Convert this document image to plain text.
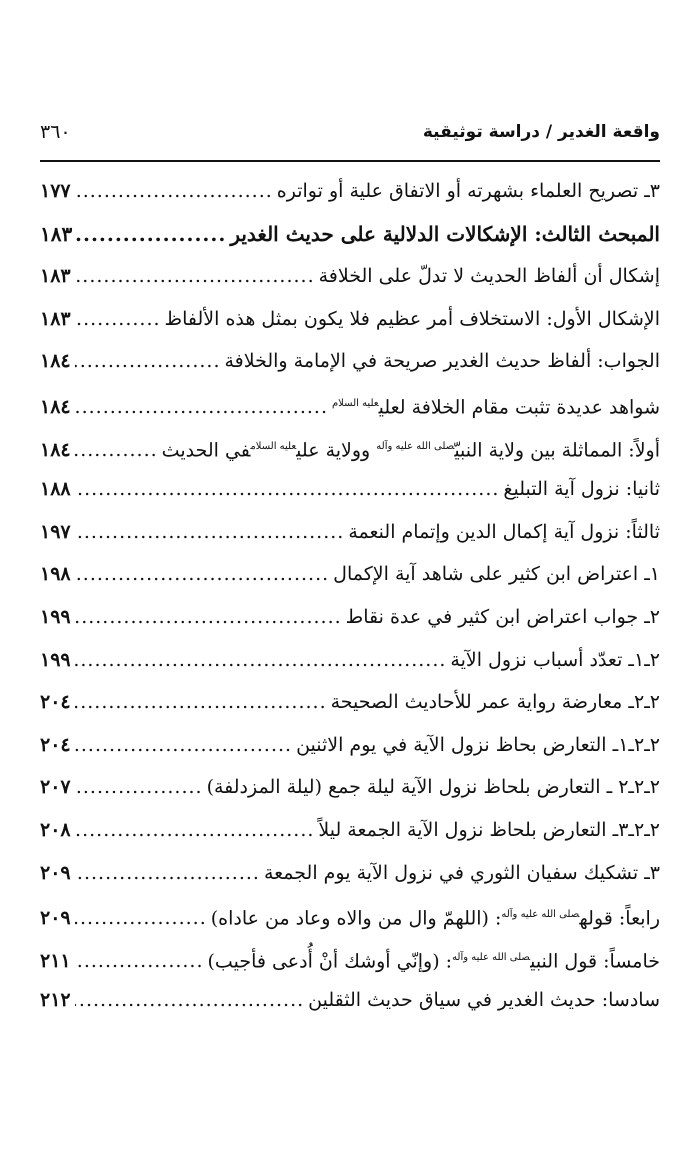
واقعة الغدير / دراسة توثيقية
٣٦٠
٣ـ تصريح العلماء بشهرته أو الاتفاق علية أو تواتره
.....
١٧٧
المبحث الثالث: الإشكالات الدلالية على حديث الغدير
.....
١٨٣
إشكال أن ألفاظ الحديث لا تدلّ على الخلافة
.....
١٨٣
الإشكال الأول: الاستخلاف أمر عظيم فلا يكون بمثل هذه الألفاظ
.....
١٨٣
الجواب: ألفاظ حديث الغدير صريحة في الإمامة والخلافة
.....
١٨٤
شواهد عديدة تثبت مقام الخلافة لعلي$^{عليه السلام}$
.....
١٨٤
أولاً: المماثلة بين ولاية النبيّ$^{صلى الله عليه وآله}$ وولاية علي$^{عليه السلام}$في الحديث
.....
١٨٤
ثانيا: نزول آية التبليغ
.....
١٨٨
ثالثاً: نزول آية إكمال الدين وإتمام النعمة
.....
١٩٧
١ـ اعتراض ابن كثير على شاهد آية الإكمال
.....
١٩٨
٢ـ جواب اعتراض ابن كثير في عدة نقاط
.....
١٩٩
٢ـ١ـ تعدّد أسباب نزول الآية
.....
١٩٩
٢ـ٢ـ معارضة رواية عمر للأحاديث الصحيحة
.....
٢٠٤
٢ـ٢ـ١ـ التعارض بحاظ نزول الآية في يوم الاثنين
.....
٢٠٤
٢ـ٢ـ٢ ـ التعارض بلحاظ نزول الآية ليلة جمع (ليلة المزدلفة)
.....
٢٠٧
٢ـ٢ـ٣ـ التعارض بلحاظ نزول الآية الجمعة ليلاً
.....
٢٠٨
٣ـ تشكيك سفيان الثوري في نزول الآية يوم الجمعة
.....
٢٠٩
رابعاً: قوله$^{صلى الله عليه وآله}$: (اللهمّ وال من والاه وعاد من عاداه)
.....
٢٠٩
خامساً: قول النبي$^{صلى الله عليه وآله}$: (وإنّي أوشك أنْ أُدعى فأجيب)
.....
٢١١
سادسا: حديث الغدير في سياق حديث الثقلين
.....
٢١٢
